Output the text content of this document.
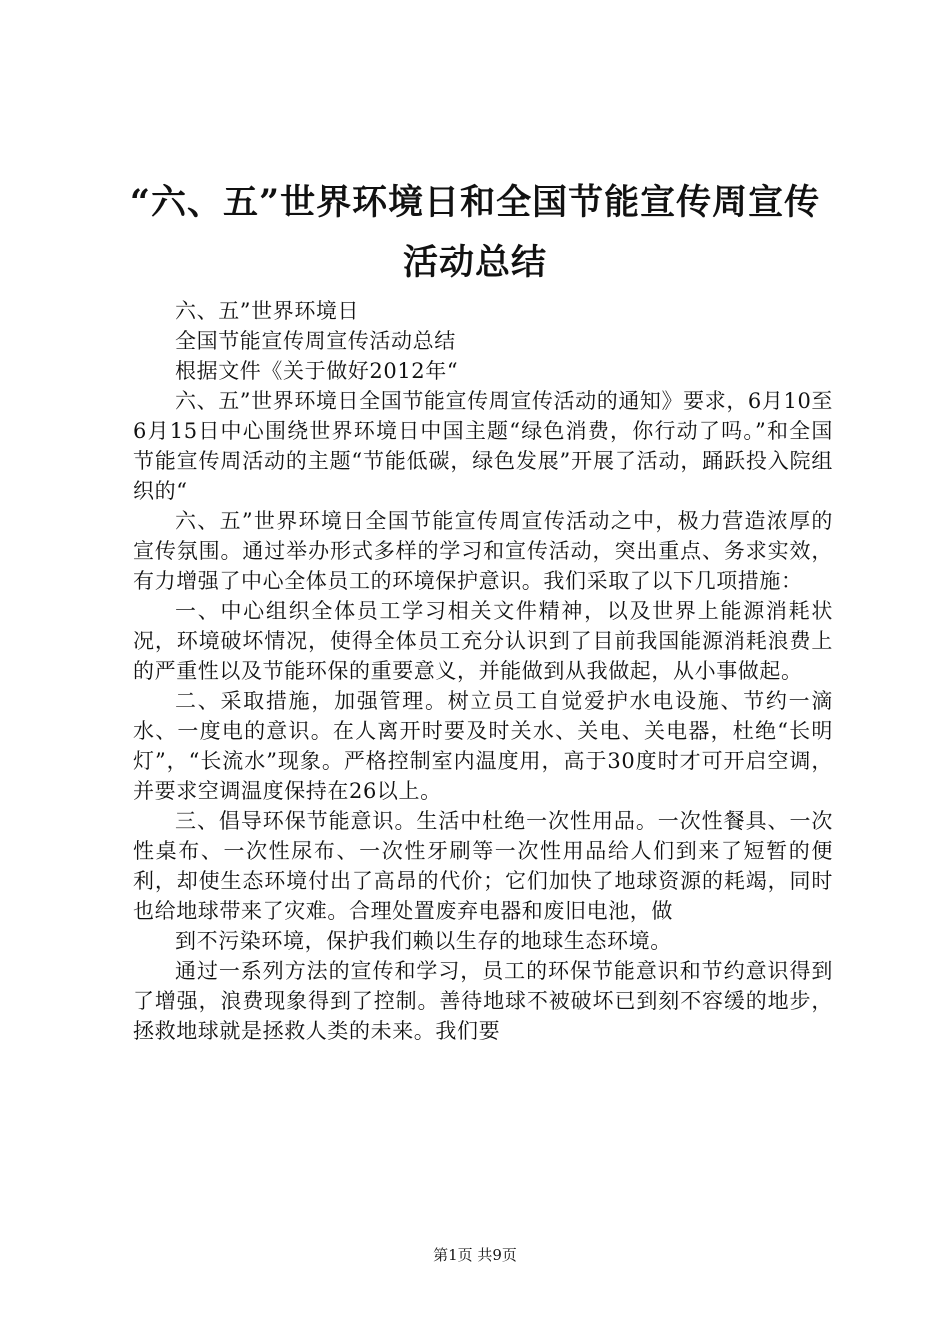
“六、五”世界环境日和全国节能宣传周宣传
活动总结

六、五”世界环境日

全国节能宣传周宣传活动总结

根据文件《关于做好2012年“

六、五”世界环境日全国节能宣传周宣传活动的通知》要求，6月10至6月15日中心围绕世界环境日中国主题“绿色消费，你行动了吗。”和全国节能宣传周活动的主题“节能低碳，绿色发展”开展了活动，踊跃投入院组织的“

六、五”世界环境日全国节能宣传周宣传活动之中，极力营造浓厚的宣传氛围。通过举办形式多样的学习和宣传活动，突出重点、务求实效，有力增强了中心全体员工的环境保护意识。我们采取了以下几项措施：

一、中心组织全体员工学习相关文件精神，以及世界上能源消耗状况，环境破坏情况，使得全体员工充分认识到了目前我国能源消耗浪费上的严重性以及节能环保的重要意义，并能做到从我做起，从小事做起。

二、采取措施，加强管理。树立员工自觉爱护水电设施、节约一滴水、一度电的意识。在人离开时要及时关水、关电、关电器，杜绝“长明灯”，“长流水”现象。严格控制室内温度用，高于30度时才可开启空调，并要求空调温度保持在26以上。

三、倡导环保节能意识。生活中杜绝一次性用品。一次性餐具、一次性桌布、一次性尿布、一次性牙刷等一次性用品给人们到来了短暂的便利，却使生态环境付出了高昂的代价；它们加快了地球资源的耗竭，同时也给地球带来了灾难。合理处置废弃电器和废旧电池，做

到不污染环境，保护我们赖以生存的地球生态环境。

通过一系列方法的宣传和学习，员工的环保节能意识和节约意识得到了增强，浪费现象得到了控制。善待地球不被破坏已到刻不容缓的地步，拯救地球就是拯救人类的未来。我们要

第1页 共9页
